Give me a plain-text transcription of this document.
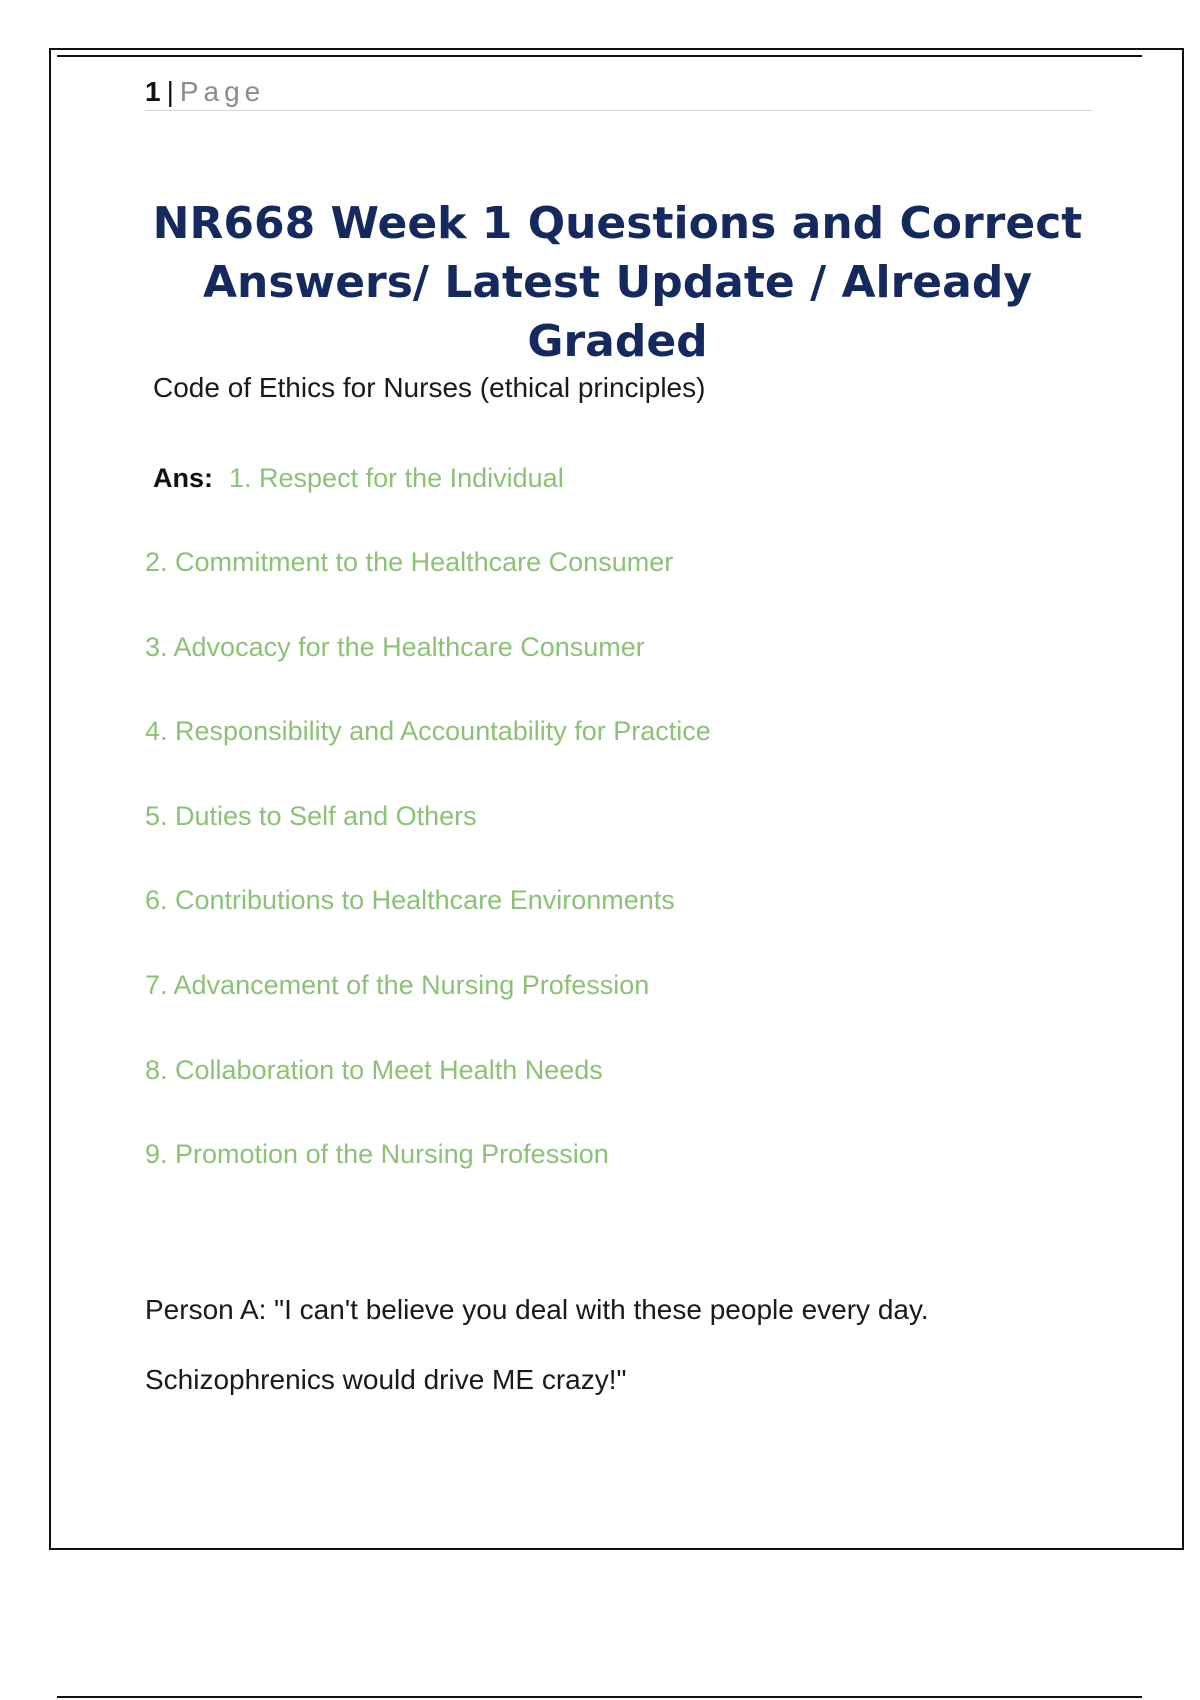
1 | Page
NR668 Week 1 Questions and Correct Answers/ Latest Update / Already Graded
Code of Ethics for Nurses (ethical principles)
Ans: 1. Respect for the Individual
2. Commitment to the Healthcare Consumer
3. Advocacy for the Healthcare Consumer
4. Responsibility and Accountability for Practice
5. Duties to Self and Others
6. Contributions to Healthcare Environments
7. Advancement of the Nursing Profession
8. Collaboration to Meet Health Needs
9. Promotion of the Nursing Profession

Person A: "I can't believe you deal with these people every day.

Schizophrenics would drive ME crazy!"
